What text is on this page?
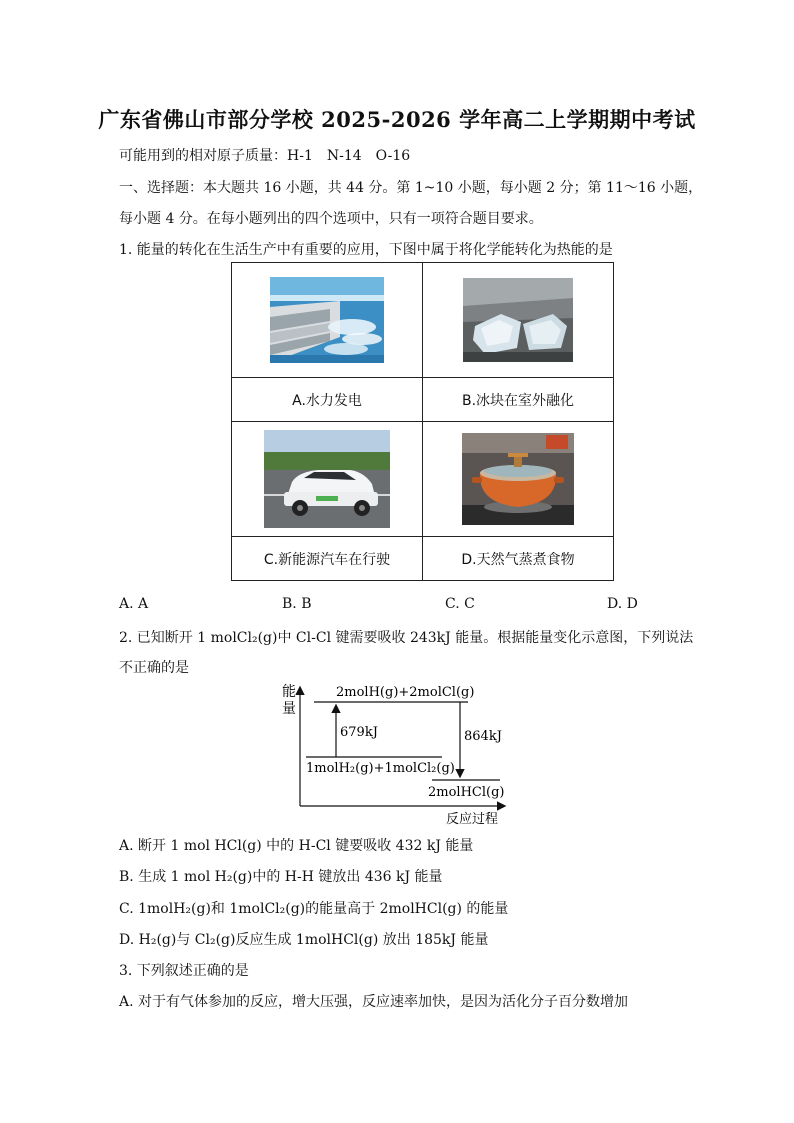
广东省佛山市部分学校 2025-2026 学年高二上学期期中考试
可能用到的相对原子质量：H-1　N-14　O-16
一、选择题：本大题共 16 小题，共 44 分。第 1~10 小题，每小题 2 分；第 11～16 小题，
每小题 4 分。在每小题列出的四个选项中，只有一项符合题目要求。
1. 能量的转化在生活生产中有重要的应用，下图中属于将化学能转化为热能的是

A.水力发电	B.冰块在室外融化

C.新能源汽车在行驶	D.天然气蒸煮食物
A. A	B. B	C. C	D. D
2. 已知断开 1 molCl₂(g)中 Cl-Cl 键需要吸收 243kJ 能量。根据能量变化示意图，下列说法
不正确的是
能
量
反应过程
2molH(g)+2molCl(g)
1molH₂(g)+1molCl₂(g)
2molHCl(g)
679kJ	864kJ
A. 断开 1 mol HCl(g) 中的 H-Cl 键要吸收 432 kJ 能量
B. 生成 1 mol H₂(g)中的 H-H 键放出 436 kJ 能量
C. 1molH₂(g)和 1molCl₂(g)的能量高于 2molHCl(g) 的能量
D. H₂(g)与 Cl₂(g)反应生成 1molHCl(g) 放出 185kJ 能量
3. 下列叙述正确的是
A. 对于有气体参加的反应，增大压强，反应速率加快，是因为活化分子百分数增加
